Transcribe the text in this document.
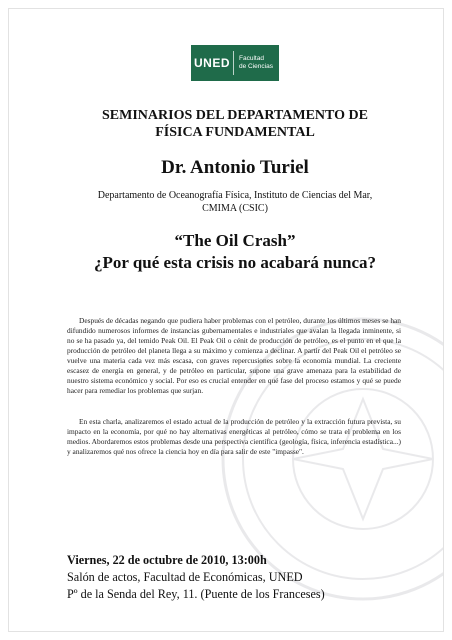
UNED	Facultad
de Ciencias
SEMINARIOS DEL DEPARTAMENTO DE
FÍSICA FUNDAMENTAL
Dr. Antonio Turiel
Departamento de Oceanografía Física, Instituto de Ciencias del Mar,
CMIMA (CSIC)
“The Oil Crash”
¿Por qué esta crisis no acabará nunca?
Después de décadas negando que pudiera haber problemas con el petróleo, durante los últimos meses se han difundido numerosos informes de instancias gubernamentales e industriales que avalan la llegada inminente, si no se ha pasado ya, del temido Peak Oil. El Peak Oil o cénit de producción de petróleo, es el punto en el que la producción de petróleo del planeta llega a su máximo y comienza a declinar. A partir del Peak Oil el petróleo se vuelve una materia cada vez más escasa, con graves repercusiones sobre la economía mundial. La creciente escasez de energía en general, y de petróleo en particular, supone una grave amenaza para la estabilidad de nuestro sistema económico y social. Por eso es crucial entender en qué fase del proceso estamos y qué se puede hacer para remediar los problemas que surjan.
En esta charla, analizaremos el estado actual de la producción de petróleo y la extracción futura prevista, su impacto en la economía, por qué no hay alternativas energéticas al petróleo, cómo se trata el problema en los medios. Abordaremos estos problemas desde una perspectiva científica (geología, física, inferencia estadística...) y analizaremos qué nos ofrece la ciencia hoy en día para salir de este "impasse".
Viernes, 22 de octubre de 2010, 13:00h
Salón de actos, Facultad de Económicas, UNED
Pº de la Senda del Rey, 11. (Puente de los Franceses)
